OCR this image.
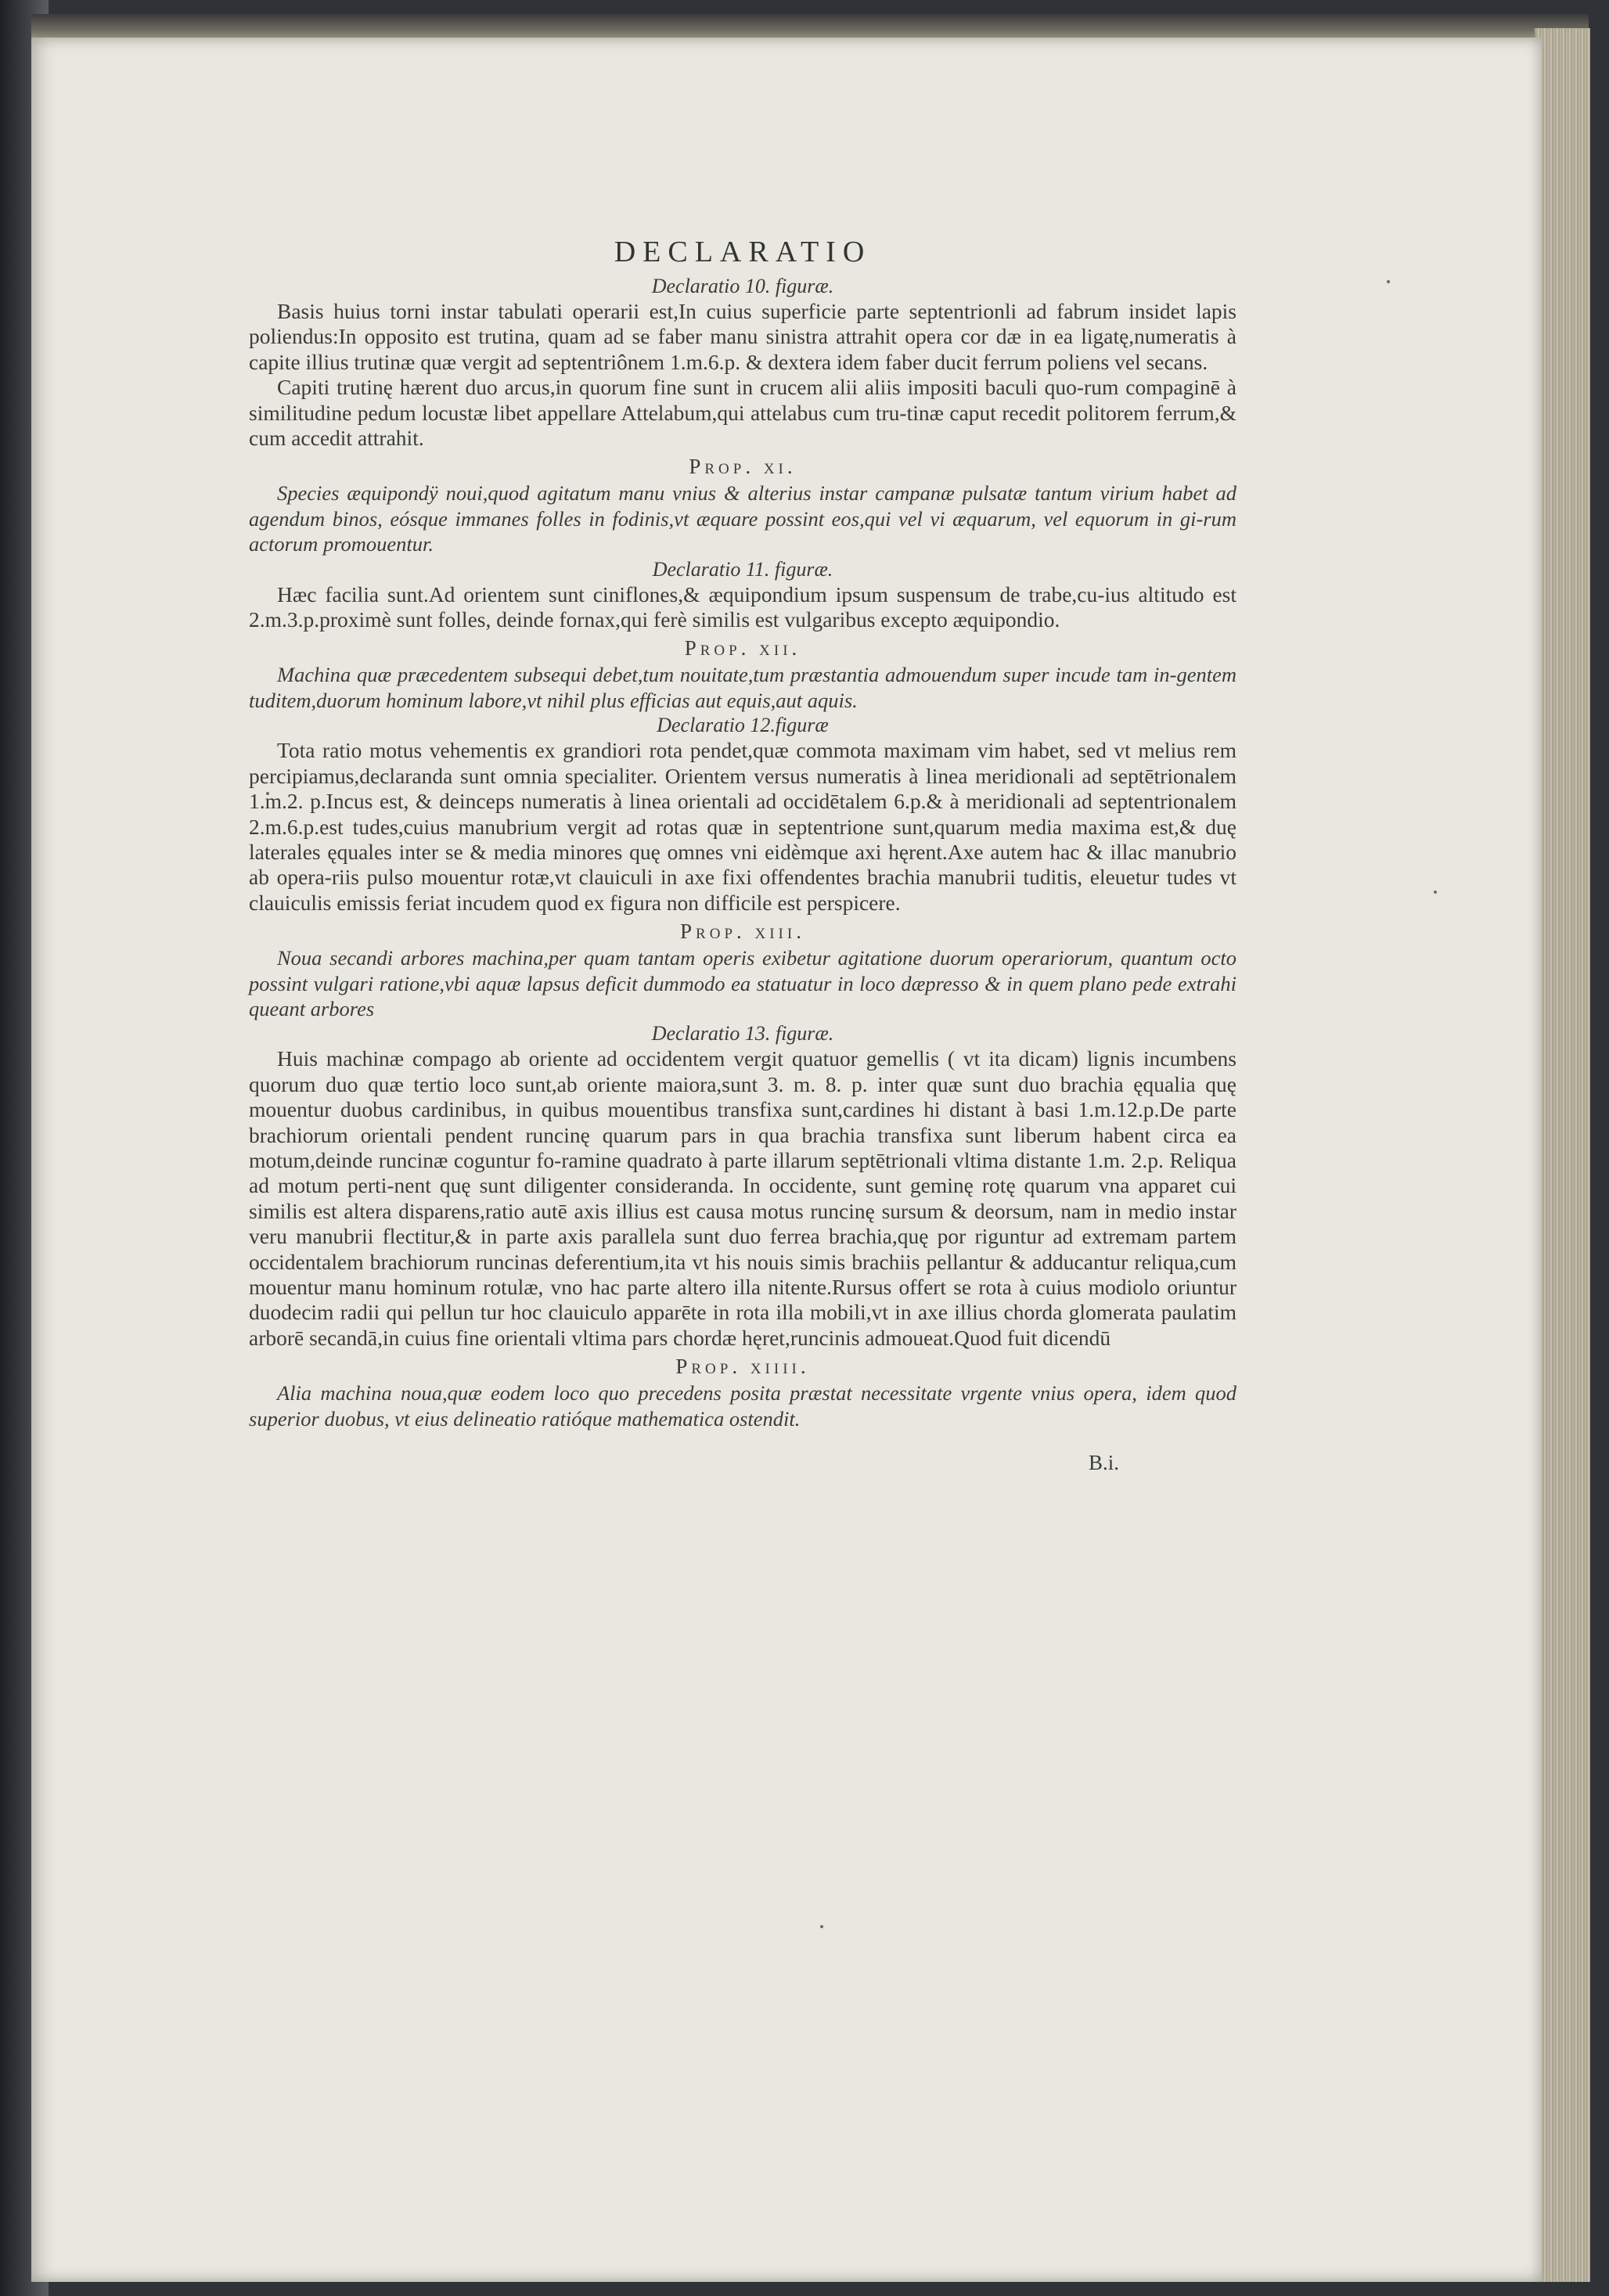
DECLARATIO

Declaratio 10. figuræ.

Basis huius torni instar tabulati operarii est,In cuius superficie parte septentrionli ad fabrum insidet lapis poliendus:In opposito est trutina, quam ad se faber manu sinistra attrahit opera cor dæ in ea ligatę,numeratis à capite illius trutinæ quæ vergit ad septentriônem 1.m.6.p. & dextera idem faber ducit ferrum poliens vel secans.

Capiti trutinę hærent duo arcus,in quorum fine sunt in crucem alii aliis impositi baculi quo-rum compaginē à similitudine pedum locustæ libet appellare Attelabum,qui attelabus cum tru-tinæ caput recedit politorem ferrum,& cum accedit attrahit.

Prop. xi.

Species æquipondÿ noui,quod agitatum manu vnius & alterius instar campanæ pulsatæ tantum virium habet ad agendum binos, eósque immanes folles in fodinis,vt æquare possint eos,qui vel vi æquarum, vel equorum in gi-rum actorum promouentur.

Declaratio 11. figuræ.

Hæc facilia sunt.Ad orientem sunt ciniflones,& æquipondium ipsum suspensum de trabe,cu-ius altitudo est 2.m.3.p.proximè sunt folles, deinde fornax,qui ferè similis est vulgaribus excepto æquipondio.

Prop. xii.

Machina quæ præcedentem subsequi debet,tum nouitate,tum præstantia admouendum super incude tam in-gentem tuditem,duorum hominum labore,vt nihil plus efficias aut equis,aut aquis.

Declaratio 12.figuræ

Tota ratio motus vehementis ex grandiori rota pendet,quæ commota maximam vim habet, sed vt melius rem percipiamus,declaranda sunt omnia specialiter. Orientem versus numeratis à linea meridionali ad septētrionalem 1.m.2. p.Incus est, & deinceps numeratis à linea orientali ad occidētalem 6.p.& à meridionali ad septentrionalem 2.m.6.p.est tudes,cuius manubrium vergit ad rotas quæ in septentrione sunt,quarum media maxima est,& duę laterales ęquales inter se & media minores quę omnes vni eidèmque axi hęrent.Axe autem hac & illac manubrio ab opera-riis pulso mouentur rotæ,vt clauiculi in axe fixi offendentes brachia manubrii tuditis, eleuetur tudes vt clauiculis emissis feriat incudem quod ex figura non difficile est perspicere.

Prop. xiii.

Noua secandi arbores machina,per quam tantam operis exibetur agitatione duorum operariorum, quantum octo possint vulgari ratione,vbi aquæ lapsus deficit dummodo ea statuatur in loco dæpresso & in quem plano pede extrahi queant arbores

Declaratio 13. figuræ.

Huis machinæ compago ab oriente ad occidentem vergit quatuor gemellis ( vt ita dicam) lignis incumbens quorum duo quæ tertio loco sunt,ab oriente maiora,sunt 3. m. 8. p. inter quæ sunt duo brachia ęqualia quę mouentur duobus cardinibus, in quibus mouentibus transfixa sunt,cardines hi distant à basi 1.m.12.p.De parte brachiorum orientali pendent runcinę quarum pars in qua brachia transfixa sunt liberum habent circa ea motum,deinde runcinæ coguntur fo-ramine quadrato à parte illarum septētrionali vltima distante 1.m. 2.p. Reliqua ad motum perti-nent quę sunt diligenter consideranda. In occidente, sunt geminę rotę quarum vna apparet cui similis est altera disparens,ratio autē axis illius est causa motus runcinę sursum & deorsum, nam in medio instar veru manubrii flectitur,& in parte axis parallela sunt duo ferrea brachia,quę por riguntur ad extremam partem occidentalem brachiorum runcinas deferentium,ita vt his nouis simis brachiis pellantur & adducantur reliqua,cum mouentur manu hominum rotulæ, vno hac parte altero illa nitente.Rursus offert se rota à cuius modiolo oriuntur duodecim radii qui pellun tur hoc clauiculo apparēte in rota illa mobili,vt in axe illius chorda glomerata paulatim arborē secandā,in cuius fine orientali vltima pars chordæ hęret,runcinis admoueat.Quod fuit dicendū

Prop. xiiii.

Alia machina noua,quæ eodem loco quo precedens posita præstat necessitate vrgente vnius opera, idem quod superior duobus, vt eius delineatio ratióque mathematica ostendit.

B.i.
